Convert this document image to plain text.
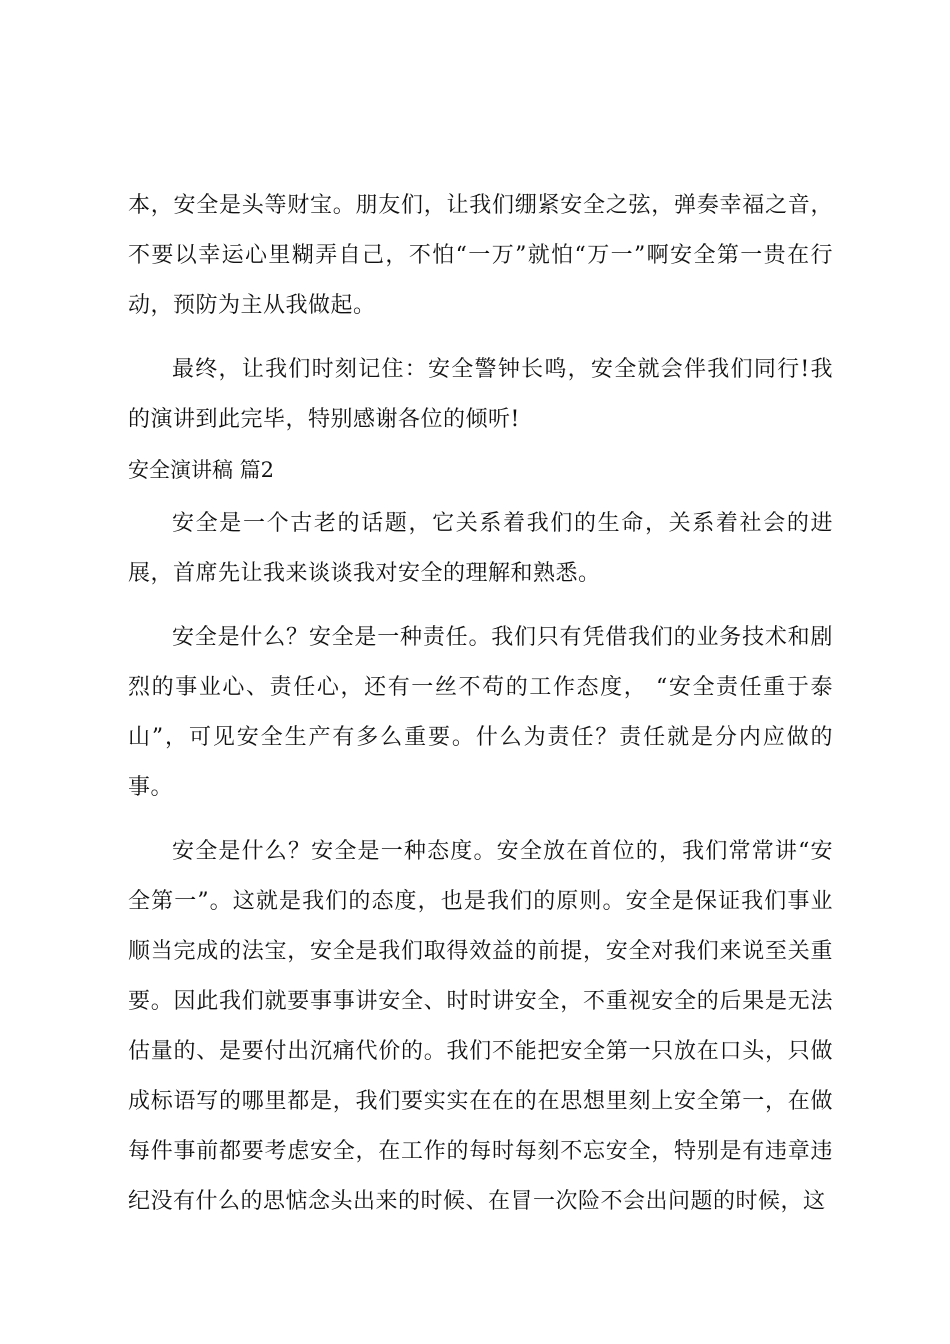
本，安全是头等财宝。朋友们，让我们绷紧安全之弦，弹奏幸福之音，不要以幸运心里糊弄自己，不怕“一万”就怕“万一”啊安全第一贵在行动，预防为主从我做起。

最终，让我们时刻记住：安全警钟长鸣，安全就会伴我们同行!我的演讲到此完毕，特别感谢各位的倾听!

安全演讲稿 篇2

安全是一个古老的话题，它关系着我们的生命，关系着社会的进展，首席先让我来谈谈我对安全的理解和熟悉。

安全是什么？安全是一种责任。我们只有凭借我们的业务技术和剧烈的事业心、责任心，还有一丝不苟的工作态度， “安全责任重于泰山”，可见安全生产有多么重要。什么为责任？责任就是分内应做的事。

安全是什么？安全是一种态度。安全放在首位的，我们常常讲“安全第一”。这就是我们的态度，也是我们的原则。安全是保证我们事业顺当完成的法宝，安全是我们取得效益的前提，安全对我们来说至关重要。因此我们就要事事讲安全、时时讲安全，不重视安全的后果是无法估量的、是要付出沉痛代价的。我们不能把安全第一只放在口头，只做成标语写的哪里都是，我们要实实在在的在思想里刻上安全第一，在做每件事前都要考虑安全，在工作的每时每刻不忘安全，特别是有违章违纪没有什么的思惦念头出来的时候、在冒一次险不会出问题的时候，这
